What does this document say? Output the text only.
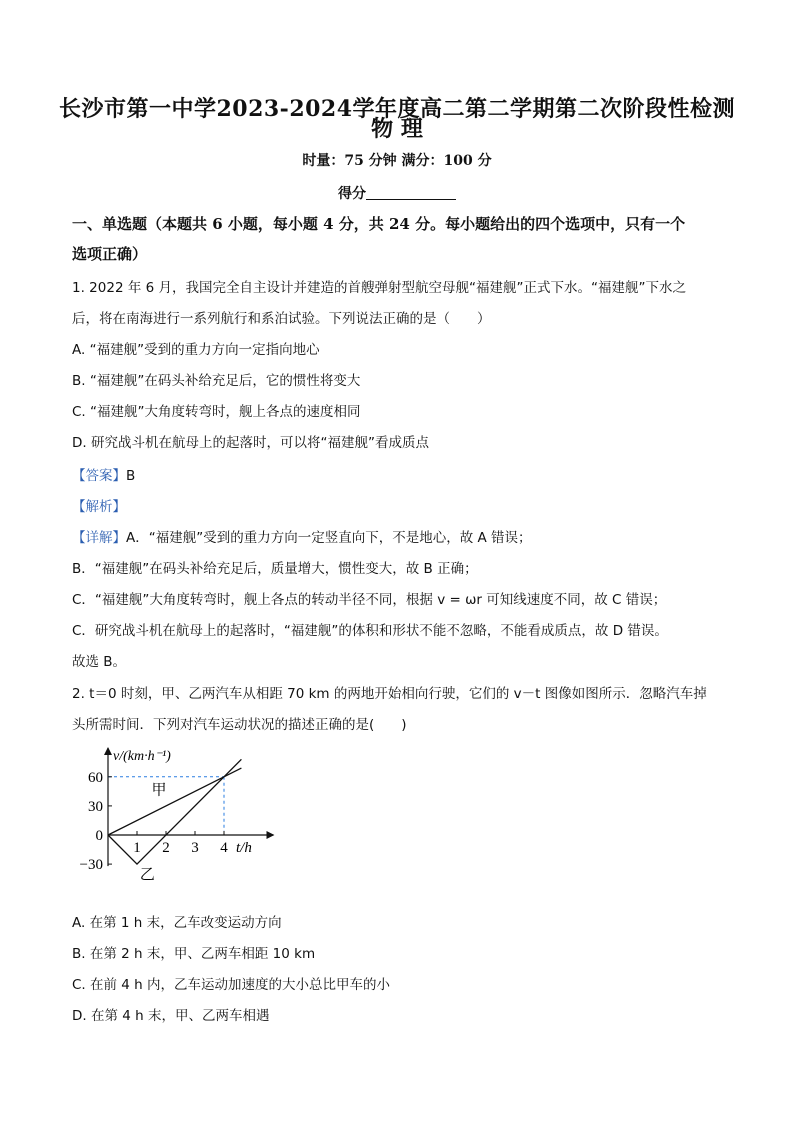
长沙市第一中学2023-2024学年度高二第二学期第二次阶段性检测
物 理
时量：75 分钟 满分：100 分
得分
一、单选题（本题共 6 小题，每小题 4 分，共 24 分。每小题给出的四个选项中，只有一个
选项正确）
1. 2022 年 6 月，我国完全自主设计并建造的首艘弹射型航空母舰“福建舰”正式下水。“福建舰”下水之
后，将在南海进行一系列航行和系泊试验。下列说法正确的是（　　）
A. “福建舰”受到的重力方向一定指向地心
B. “福建舰”在码头补给充足后，它的惯性将变大
C. “福建舰”大角度转弯时，舰上各点的速度相同
D. 研究战斗机在航母上的起落时，可以将“福建舰”看成质点
【答案】B
【解析】
【详解】A．“福建舰”受到的重力方向一定竖直向下，不是地心，故 A 错误；
B．“福建舰”在码头补给充足后，质量增大，惯性变大，故 B 正确；
C．“福建舰”大角度转弯时，舰上各点的转动半径不同，根据 v = ωr 可知线速度不同，故 C 错误；
C．研究战斗机在航母上的起落时，“福建舰”的体积和形状不能不忽略，不能看成质点，故 D 错误。
故选 B。
2. t＝0 时刻，甲、乙两汽车从相距 70 km 的两地开始相向行驶，它们的 v－t 图像如图所示．忽略汽车掉
头所需时间．下列对汽车运动状况的描述正确的是(　　)
1 2 3 4
60
30
0
−30
v/(km·h⁻¹)
t/h
甲
乙
A. 在第 1 h 末，乙车改变运动方向
B. 在第 2 h 末，甲、乙两车相距 10 km
C. 在前 4 h 内，乙车运动加速度的大小总比甲车的小
D. 在第 4 h 末，甲、乙两车相遇
